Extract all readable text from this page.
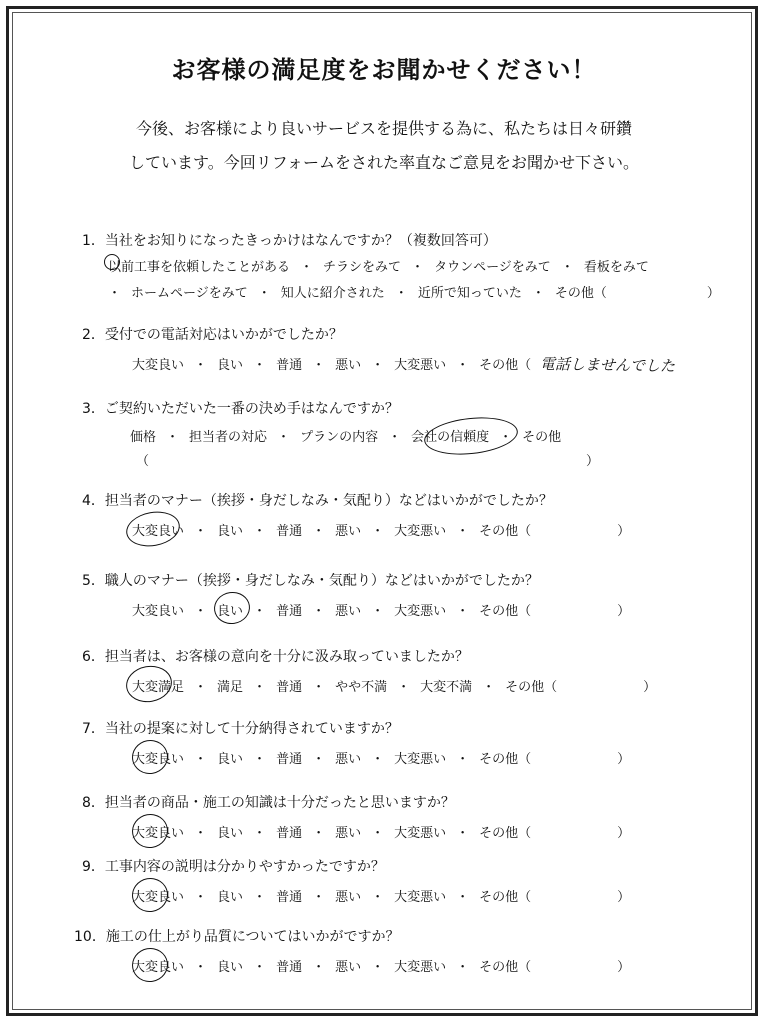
お客様の満足度をお聞かせください！
今後、お客様により良いサービスを提供する為に、私たちは日々研鑽
しています。今回リフォームをされた率直なご意見をお聞かせ下さい。
1．当社をお知りになったきっかけはなんですか？（複数回答可）
以前工事を依頼したことがある ・ チラシをみて ・ タウンページをみて ・ 看板をみて
・ ホームページをみて ・ 知人に紹介された ・ 近所で知っていた ・ その他（	）
2．受付での電話対応はいかがでしたか？
大変良い ・ 良い ・ 普通 ・ 悪い ・ 大変悪い ・ その他（ 電話しませんでした
3．ご契約いただいた一番の決め手はなんですか？
価格 ・ 担当者の対応 ・ プランの内容 ・ 会社の信頼度 ・ その他
（	）
4．担当者のマナー（挨拶・身だしなみ・気配り）などはいかがでしたか？
大変良い ・ 良い ・ 普通 ・ 悪い ・ 大変悪い ・ その他（	）
5．職人のマナー（挨拶・身だしなみ・気配り）などはいかがでしたか？
大変良い ・ 良い ・ 普通 ・ 悪い ・ 大変悪い ・ その他（	）
6．担当者は、お客様の意向を十分に汲み取っていましたか？
大変満足 ・ 満足 ・ 普通 ・ やや不満 ・ 大変不満 ・ その他（	）
7．当社の提案に対して十分納得されていますか？
大変良い ・ 良い ・ 普通 ・ 悪い ・ 大変悪い ・ その他（	）
8．担当者の商品・施工の知識は十分だったと思いますか？
大変良い ・ 良い ・ 普通 ・ 悪い ・ 大変悪い ・ その他（	）
9．工事内容の説明は分かりやすかったですか？
大変良い ・ 良い ・ 普通 ・ 悪い ・ 大変悪い ・ その他（	）
10．施工の仕上がり品質についてはいかがですか？
大変良い ・ 良い ・ 普通 ・ 悪い ・ 大変悪い ・ その他（	）
